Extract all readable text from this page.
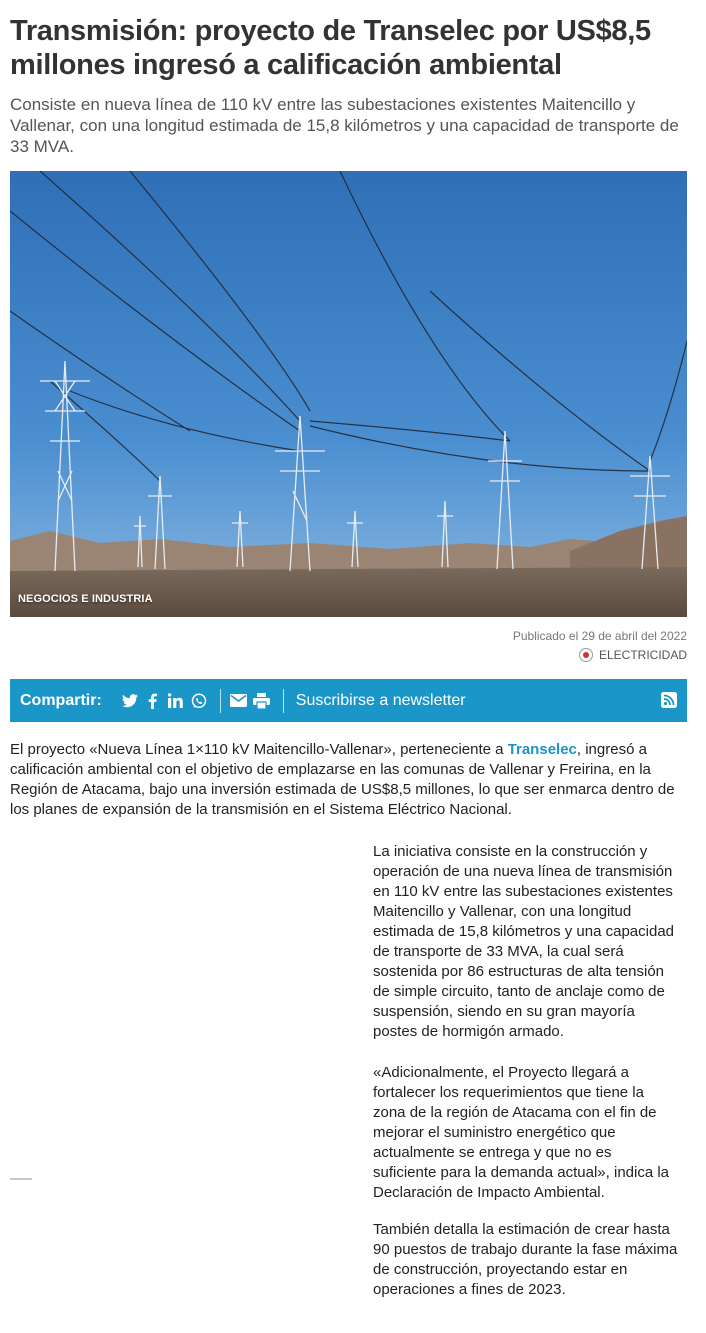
Transmisión: proyecto de Transelec por US$8,5 millones ingresó a calificación ambiental

Consiste en nueva línea de 110 kV entre las subestaciones existentes Maitencillo y Vallenar, con una longitud estimada de 15,8 kilómetros y una capacidad de transporte de 33 MVA.

NEGOCIOS E INDUSTRIA
Publicado el 29 de abril del 2022
ELECTRICIDAD
Compartir:	Suscribirse a newsletter

El proyecto «Nueva Línea 1×110 kV Maitencillo-Vallenar», perteneciente a Transelec, ingresó a calificación ambiental con el objetivo de emplazarse en las comunas de Vallenar y Freirina, en la Región de Atacama, bajo una inversión estimada de US$8,5 millones, lo que ser enmarca dentro de los planes de expansión de la transmisión en el Sistema Eléctrico Nacional.

La iniciativa consiste en la construcción y operación de una nueva línea de transmisión en 110 kV entre las subestaciones existentes Maitencillo y Vallenar, con una longitud estimada de 15,8 kilómetros y una capacidad de transporte de 33 MVA, la cual será sostenida por 86 estructuras de alta tensión de simple circuito, tanto de anclaje como de suspensión, siendo en su gran mayoría postes de hormigón armado.

«Adicionalmente, el Proyecto llegará a fortalecer los requerimientos que tiene la zona de la región de Atacama con el fin de mejorar el suministro energético que actualmente se entrega y que no es suficiente para la demanda actual», indica la Declaración de Impacto Ambiental.

También detalla la estimación de crear hasta 90 puestos de trabajo durante la fase máxima de construcción, proyectando estar en operaciones a fines de 2023.
